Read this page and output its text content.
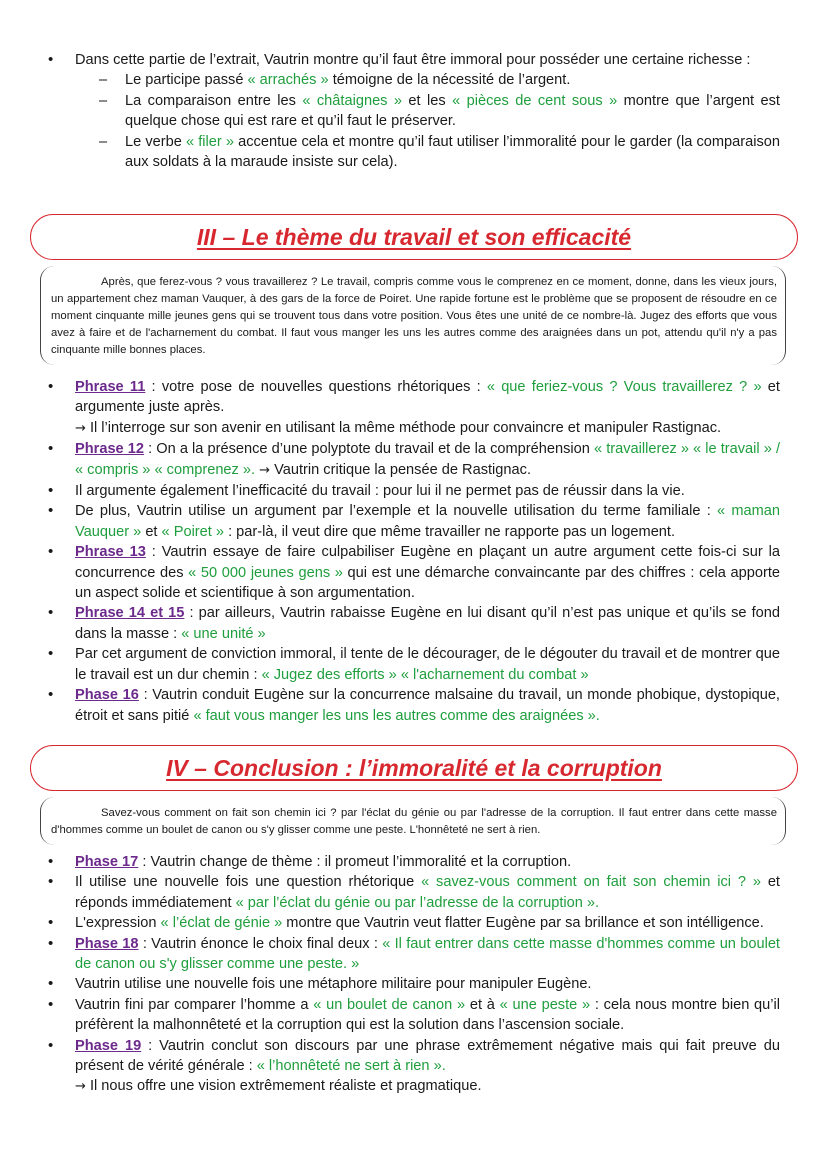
• Dans cette partie de l’extrait, Vautrin montre qu’il faut être immoral pour posséder une certaine richesse :
– Le participe passé « arrachés » témoigne de la nécessité de l’argent.
– La comparaison entre les « châtaignes » et les « pièces de cent sous » montre que l’argent est quelque chose qui est rare et qu’il faut le préserver.
– Le verbe « filer » accentue cela et montre qu’il faut utiliser l’immoralité pour le garder (la comparaison aux soldats à la maraude insiste sur cela).
III – Le thème du travail et son efficacité
Après, que ferez-vous ? vous travaillerez ? Le travail, compris comme vous le comprenez en ce moment, donne, dans les vieux jours, un appartement chez maman Vauquer, à des gars de la force de Poiret. Une rapide fortune est le problème que se proposent de résoudre en ce moment cinquante mille jeunes gens qui se trouvent tous dans votre position. Vous êtes une unité de ce nombre-là. Jugez des efforts que vous avez à faire et de l'acharnement du combat. Il faut vous manger les uns les autres comme des araignées dans un pot, attendu qu'il n'y a pas cinquante mille bonnes places.
• Phrase 11 : votre pose de nouvelles questions rhétoriques : « que feriez-vous ? Vous travaillerez ? » et argumente juste après.
→ Il l’interroge sur son avenir en utilisant la même méthode pour convaincre et manipuler Rastignac.
• Phrase 12 : On a la présence d’une polyptote du travail et de la compréhension « travaillerez » « le travail » / « compris » « comprenez ». → Vautrin critique la pensée de Rastignac.
• Il argumente également l’inefficacité du travail : pour lui il ne permet pas de réussir dans la vie.
• De plus, Vautrin utilise un argument par l’exemple et la nouvelle utilisation du terme familiale : « maman Vauquer » et « Poiret » : par-là, il veut dire que même travailler ne rapporte pas un logement.
• Phrase 13 : Vautrin essaye de faire culpabiliser Eugène en plaçant un autre argument cette fois-ci sur la concurrence des « 50 000 jeunes gens » qui est une démarche convaincante par des chiffres : cela apporte un aspect solide et scientifique à son argumentation.
• Phrase 14 et 15 : par ailleurs, Vautrin rabaisse Eugène en lui disant qu’il n’est pas unique et qu’ils se fond dans la masse : « une unité »
• Par cet argument de conviction immoral, il tente de le décourager, de le dégouter du travail et de montrer que le travail est un dur chemin : « Jugez des efforts » « l'acharnement du combat »
• Phase 16 : Vautrin conduit Eugène sur la concurrence malsaine du travail, un monde phobique, dystopique, étroit et sans pitié « faut vous manger les uns les autres comme des araignées ».
IV – Conclusion : l’immoralité et la corruption
Savez-vous comment on fait son chemin ici ? par l'éclat du génie ou par l'adresse de la corruption. Il faut entrer dans cette masse d'hommes comme un boulet de canon ou s'y glisser comme une peste. L'honnêteté ne sert à rien.
• Phase 17 : Vautrin change de thème : il promeut l’immoralité et la corruption.
• Il utilise une nouvelle fois une question rhétorique « savez-vous comment on fait son chemin ici ? » et réponds immédiatement « par l’éclat du génie ou par l’adresse de la corruption ».
• L'expression « l’éclat de génie » montre que Vautrin veut flatter Eugène par sa brillance et son intélligence.
• Phase 18 : Vautrin énonce le choix final deux : « Il faut entrer dans cette masse d'hommes comme un boulet de canon ou s'y glisser comme une peste. »
• Vautrin utilise une nouvelle fois une métaphore militaire pour manipuler Eugène.
• Vautrin fini par comparer l’homme a « un boulet de canon » et à « une peste » : cela nous montre bien qu’il préfèrent la malhonnêteté et la corruption qui est la solution dans l’ascension sociale.
• Phase 19 : Vautrin conclut son discours par une phrase extrêmement négative mais qui fait preuve du présent de vérité générale : « l’honnêteté ne sert à rien ».
→ Il nous offre une vision extrêmement réaliste et pragmatique.
